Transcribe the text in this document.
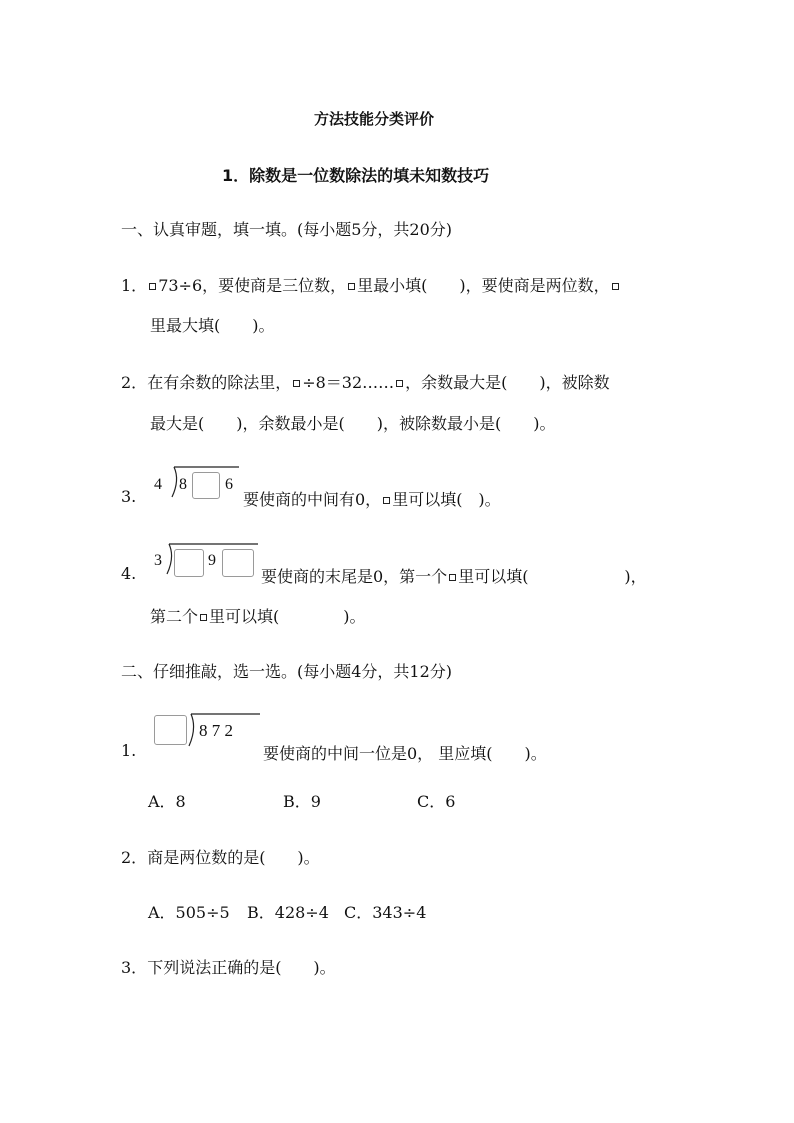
方法技能分类评价
1．除数是一位数除法的填未知数技巧
一、认真审题，填一填。(每小题5分，共20分)
1． 73÷6，要使商是三位数， 里最小填(　　)，要使商是两位数，
里最大填(　　)。
2．在有余数的除法里， ÷8＝32…… ，余数最大是(　　)，被除数
最大是(　　)，余数最小是(　　)，被除数最小是(　　)。
3.
4 8 6
要使商的中间有0， 里可以填(　)。
4.
3	9
要使商的末尾是0，第一个 里可以填(　　　　　　)，
第二个 里可以填(　　　　)。
二、仔细推敲，选一选。(每小题4分，共12分)
1.
8 7 2
要使商的中间一位是0， 里应填(　　)。
A．8	B．9	C．6
2．商是两位数的是(　　)。
A．505÷5 B．428÷4 C．343÷4
3．下列说法正确的是(　　)。
